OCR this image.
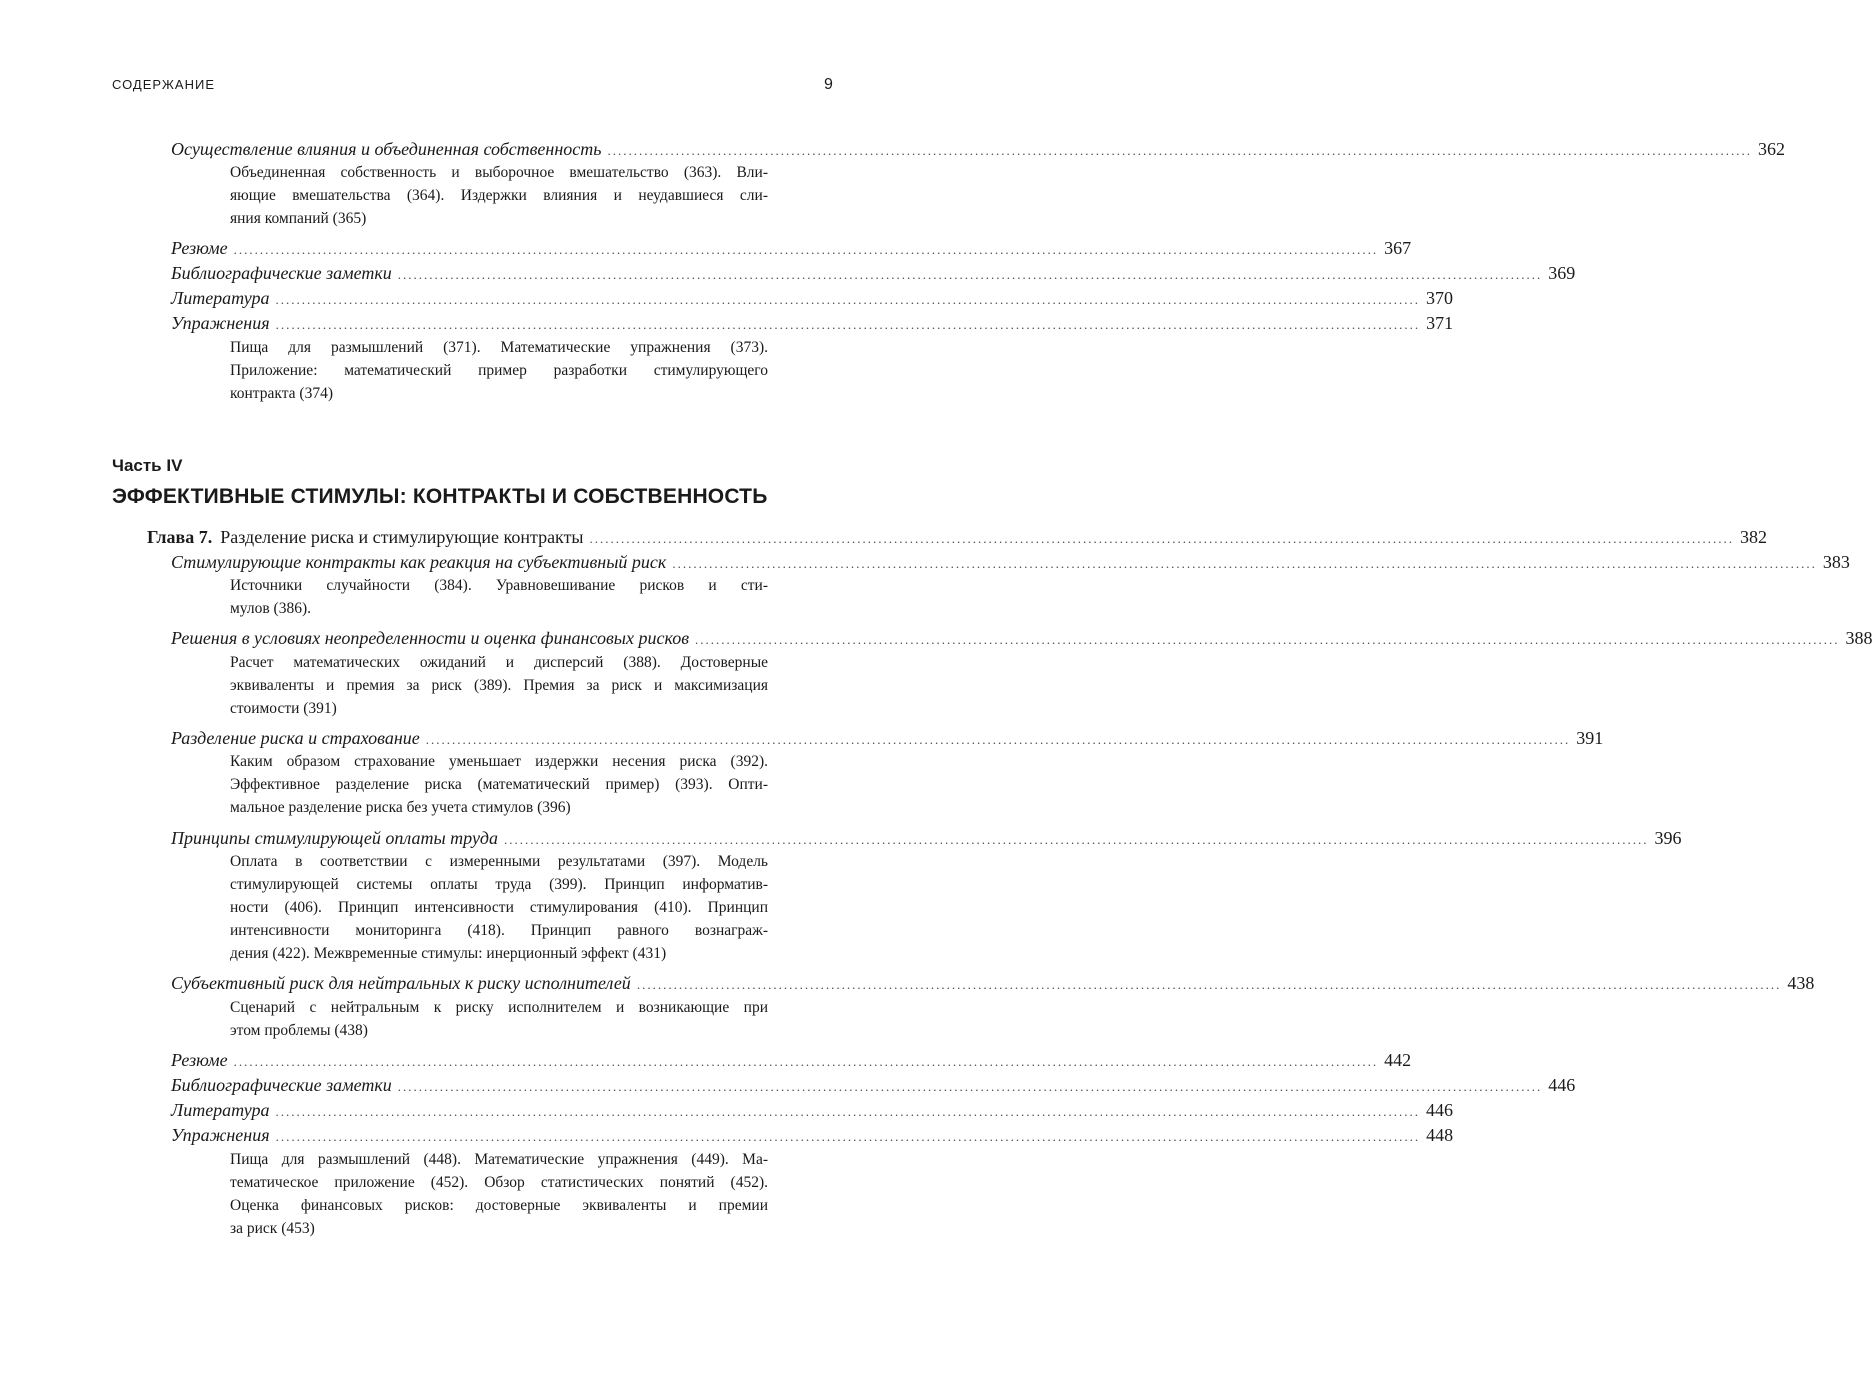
СОДЕРЖАНИЕ	9
Осуществление влияния и объединенная собственность .......................................................................................................................................................................................................................... 362
Объединенная собственность и выборочное вмешательство (363). Вли-
яющие вмешательства (364). Издержки влияния и неудавшиеся сли-
яния компаний (365)
Резюме .......................................................................................................................................................................................................................... 367
Библиографические заметки .......................................................................................................................................................................................................................... 369
Литература .......................................................................................................................................................................................................................... 370
Упражнения .......................................................................................................................................................................................................................... 371
Пища для размышлений (371). Математические упражнения (373).
Приложение: математический пример разработки стимулирующего
контракта (374)
Часть IV
ЭФФЕКТИВНЫЕ СТИМУЛЫ: КОНТРАКТЫ И СОБСТВЕННОСТЬ
Глава 7. Разделение риска и стимулирующие контракты .......................................................................................................................................................................................................................... 382
Стимулирующие контракты как реакция на субъективный риск .......................................................................................................................................................................................................................... 383
Источники случайности (384). Уравновешивание рисков и сти-
мулов (386).
Решения в условиях неопределенности и оценка финансовых рисков .......................................................................................................................................................................................................................... 388
Расчет математических ожиданий и дисперсий (388). Достоверные
эквиваленты и премия за риск (389). Премия за риск и максимизация
стоимости (391)
Разделение риска и страхование .......................................................................................................................................................................................................................... 391
Каким образом страхование уменьшает издержки несения риска (392).
Эффективное разделение риска (математический пример) (393). Опти-
мальное разделение риска без учета стимулов (396)
Принципы стимулирующей оплаты труда .......................................................................................................................................................................................................................... 396
Оплата в соответствии с измеренными результатами (397). Модель
стимулирующей системы оплаты труда (399). Принцип информатив-
ности (406). Принцип интенсивности стимулирования (410). Принцип
интенсивности мониторинга (418). Принцип равного вознаграж-
дения (422). Межвременные стимулы: инерционный эффект (431)
Субъективный риск для нейтральных к риску исполнителей .......................................................................................................................................................................................................................... 438
Сценарий с нейтральным к риску исполнителем и возникающие при
этом проблемы (438)
Резюме .......................................................................................................................................................................................................................... 442
Библиографические заметки .......................................................................................................................................................................................................................... 446
Литература .......................................................................................................................................................................................................................... 446
Упражнения .......................................................................................................................................................................................................................... 448
Пища для размышлений (448). Математические упражнения (449). Ма-
тематическое приложение (452). Обзор статистических понятий (452).
Оценка финансовых рисков: достоверные эквиваленты и премии
за риск (453)
